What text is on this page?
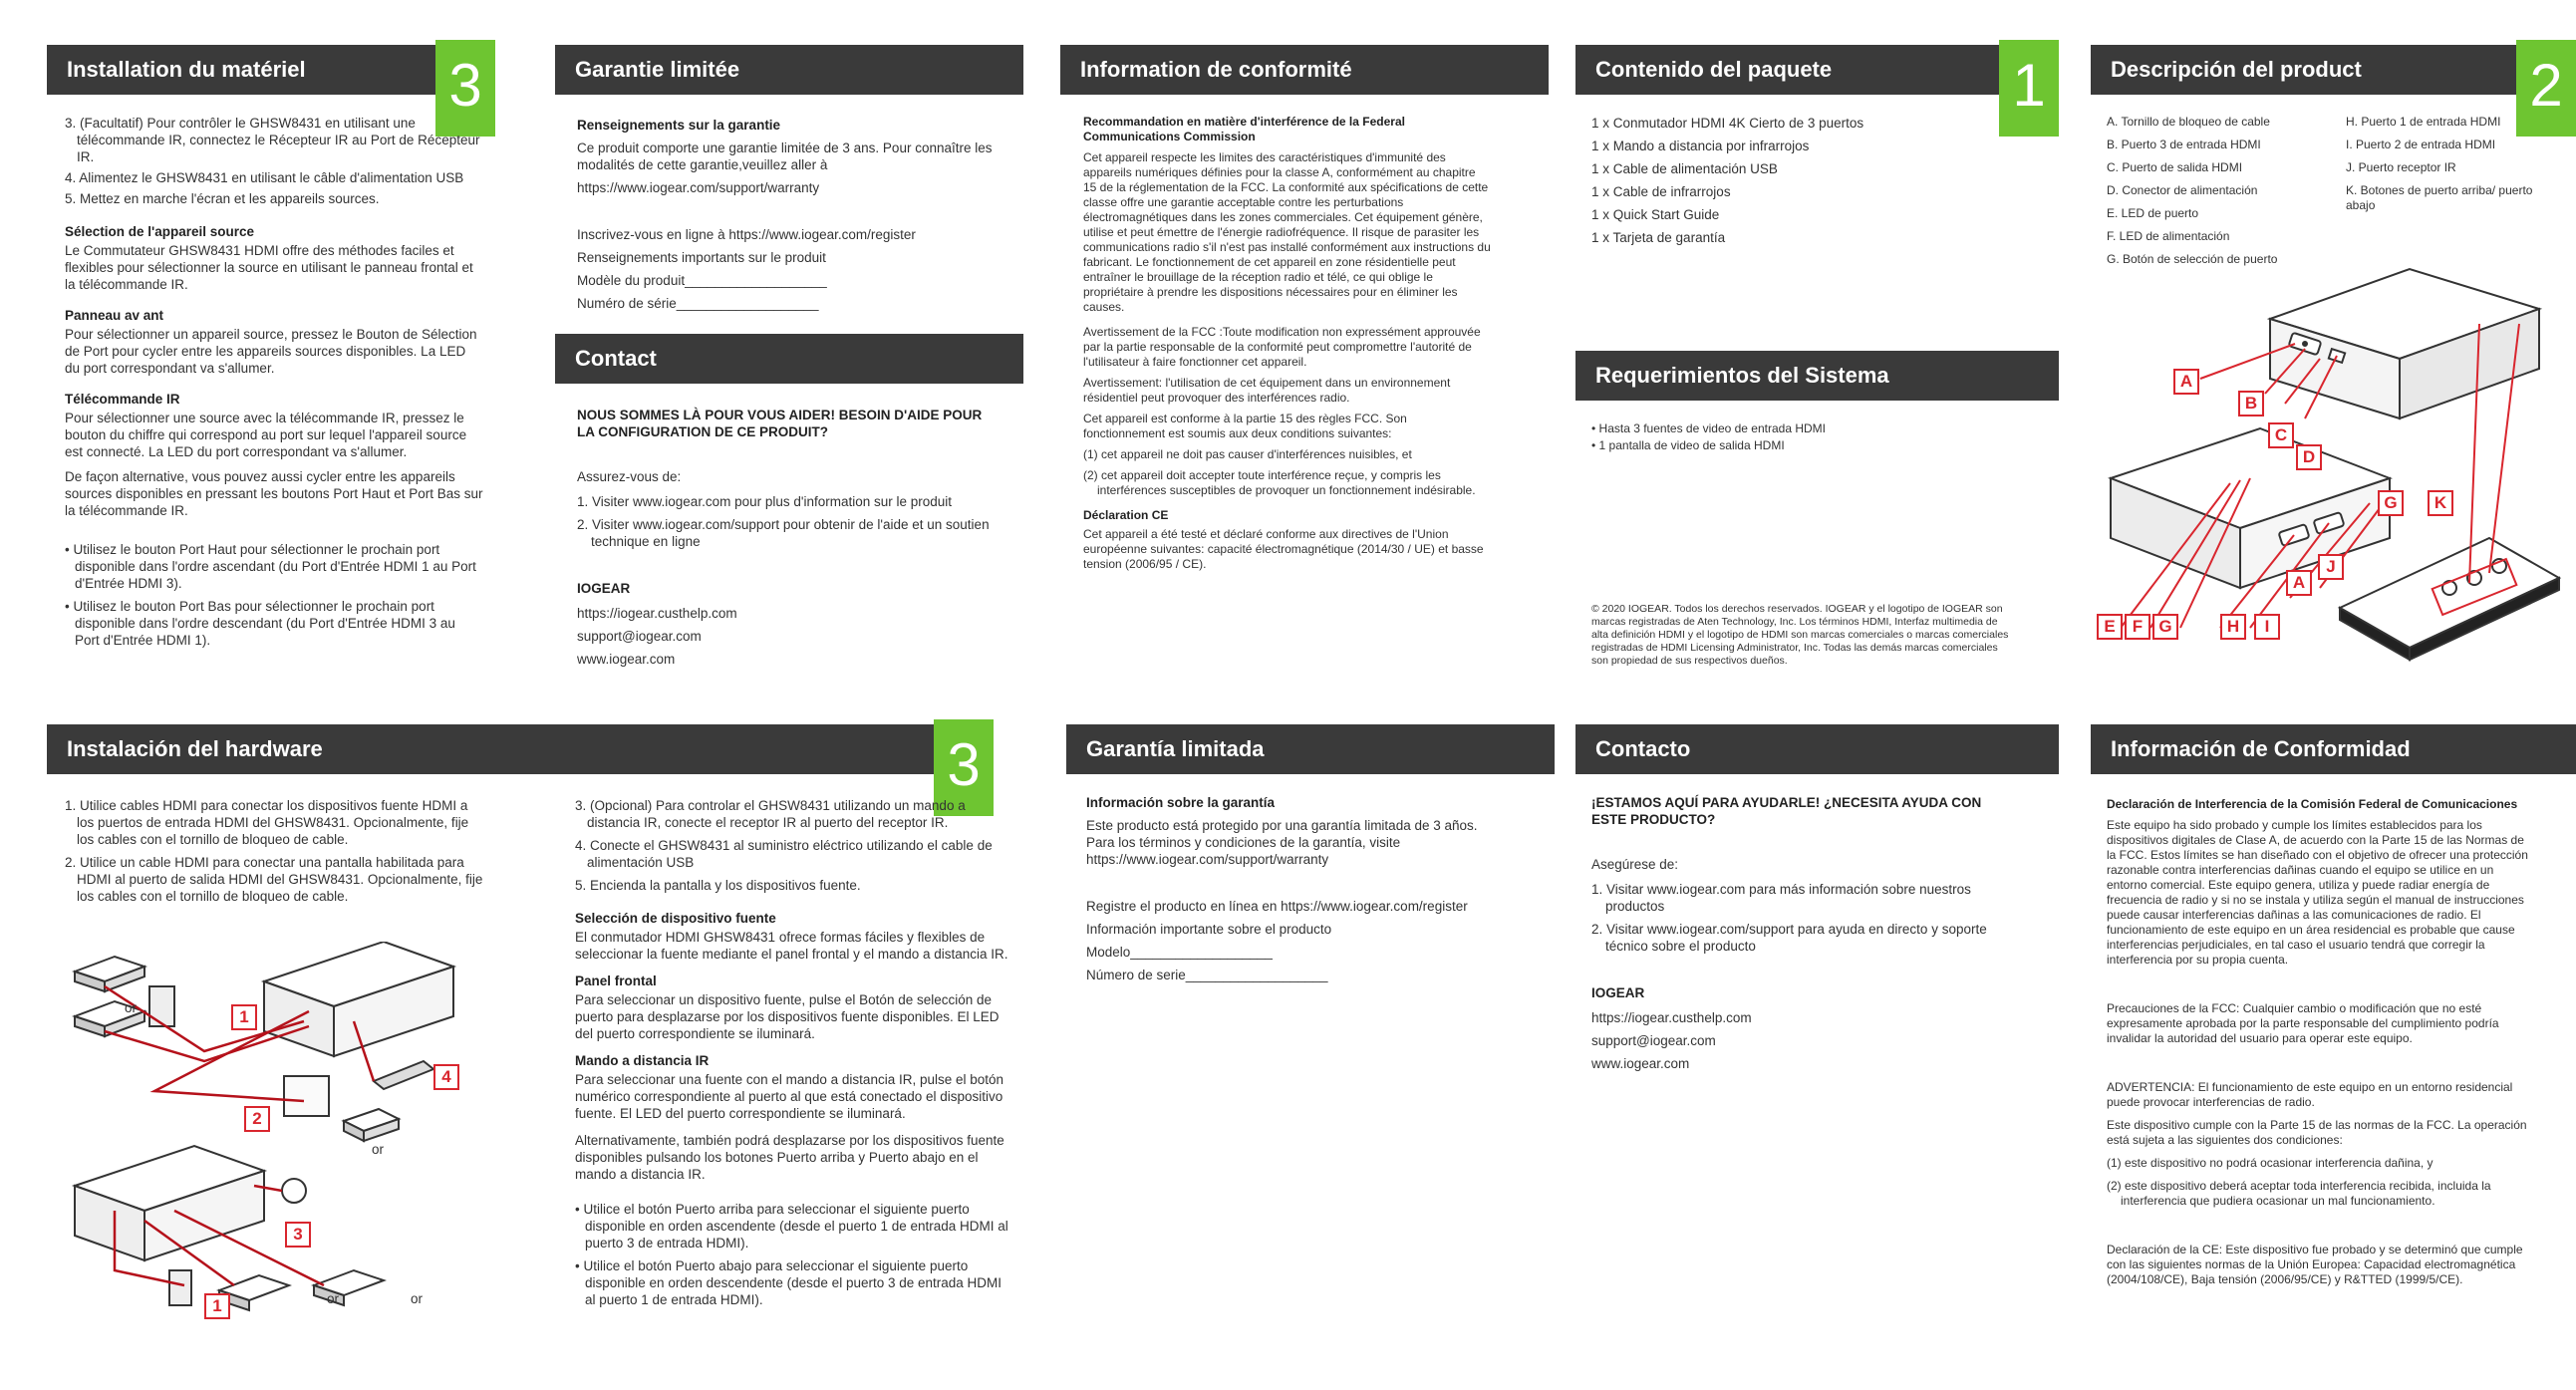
Installation du matériel 3

3. (Facultatif) Pour contrôler le GHSW8431 en utilisant une télécommande IR, connectez le Récepteur IR au Port de Récepteur IR.

4. Alimentez le GHSW8431 en utilisant le câble d'alimentation USB

5. Mettez en marche l'écran et les appareils sources.

Sélection de l'appareil source

Le Commutateur GHSW8431 HDMI offre des méthodes faciles et flexibles pour sélectionner la source en utilisant le panneau frontal et la télécommande IR.

Panneau av ant

Pour sélectionner un appareil source, pressez le Bouton de Sélection de Port pour cycler entre les appareils sources disponibles. La LED du port correspondant va s'allumer.

Télécommande IR

Pour sélectionner une source avec la télécommande IR, pressez le bouton du chiffre qui correspond au port sur lequel l'appareil source est connecté. La LED du port correspondant va s'allumer.

De façon alternative, vous pouvez aussi cycler entre les appareils sources disponibles en pressant les boutons Port Haut et Port Bas sur la télécommande IR.

• Utilisez le bouton Port Haut pour sélectionner le prochain port disponible dans l'ordre ascendant (du Port d'Entrée HDMI 1 au Port d'Entrée HDMI 3).

• Utilisez le bouton Port Bas pour sélectionner le prochain port disponible dans l'ordre descendant (du Port d'Entrée HDMI 3 au Port d'Entrée HDMI 1).

Garantie limitée
Renseignements sur la garantie

Ce produit comporte une garantie limitée de 3 ans. Pour connaître les modalités de cette garantie,veuillez aller à

https://www.iogear.com/support/warranty

Inscrivez-vous en ligne à https://www.iogear.com/register

Renseignements importants sur le produit

Modèle du produit___________________

Numéro de série___________________

Contact
NOUS SOMMES LÀ POUR VOUS AIDER! BESOIN D'AIDE POUR LA CONFIGURATION DE CE PRODUIT?

Assurez-vous de:

1. Visiter www.iogear.com pour plus d'information sur le produit

2. Visiter www.iogear.com/support pour obtenir de l'aide et un soutien technique en ligne

IOGEAR

https://iogear.custhelp.com

support@iogear.com

www.iogear.com

Information de conformité
Recommandation en matière d'interférence de la Federal Communications Commission

Cet appareil respecte les limites des caractéristiques d'immunité des appareils numériques définies pour la classe A, conformément au chapitre 15 de la réglementation de la FCC. La conformité aux spécifications de cette classe offre une garantie acceptable contre les perturbations électromagnétiques dans les zones commerciales. Cet équipement génère, utilise et peut émettre de l'énergie radiofréquence. Il risque de parasiter les communications radio s'il n'est pas installé conformément aux instructions du fabricant. Le fonctionnement de cet appareil en zone résidentielle peut entraîner le brouillage de la réception radio et télé, ce qui oblige le propriétaire à prendre les dispositions nécessaires pour en éliminer les causes.

Avertissement de la FCC :Toute modification non expressément approuvée par la partie responsable de la conformité peut compromettre l'autorité de l'utilisateur à faire fonctionner cet appareil.

Avertissement: l'utilisation de cet équipement dans un environnement résidentiel peut provoquer des interférences radio.

Cet appareil est conforme à la partie 15 des règles FCC. Son fonctionnement est soumis aux deux conditions suivantes:

(1) cet appareil ne doit pas causer d'interférences nuisibles, et

(2) cet appareil doit accepter toute interférence reçue, y compris les interférences susceptibles de provoquer un fonctionnement indésirable.

Déclaration CE

Cet appareil a été testé et déclaré conforme aux directives de l'Union européenne suivantes: capacité électromagnétique (2014/30 / UE) et basse tension (2006/95 / CE).

Contenido del paquete	1

1 x Conmutador HDMI 4K Cierto de 3 puertos

1 x Mando a distancia por infrarrojos

1 x Cable de alimentación USB

1 x Cable de infrarrojos

1 x Quick Start Guide

1 x Tarjeta de garantía

Requerimientos del Sistema

• Hasta 3 fuentes de video de entrada HDMI

• 1 pantalla de video de salida HDMI

© 2020 IOGEAR. Todos los derechos reservados. IOGEAR y el logotipo de IOGEAR son marcas registradas de Aten Technology, Inc. Los términos HDMI, Interfaz multimedia de alta definición HDMI y el logotipo de HDMI son marcas comerciales o marcas comerciales registradas de HDMI Licensing Administrator, Inc. Todas las demás marcas comerciales son propiedad de sus respectivos dueños.

Descripción del product	2

A. Tornillo de bloqueo de cable

B. Puerto 3 de entrada HDMI

C. Puerto de salida HDMI

D. Conector de alimentación

E. LED de puerto

F. LED de alimentación

G. Botón de selección de puerto

H. Puerto 1 de entrada HDMI

I. Puerto 2 de entrada HDMI

J. Puerto receptor IR

K. Botones de puerto arriba/ puerto abajo

A
B
C
D
G	K
J
A
E	F G	H	I
Instalación del hardware	3

1. Utilice cables HDMI para conectar los dispositivos fuente HDMI a los puertos de entrada HDMI del GHSW8431. Opcionalmente, fije los cables con el tornillo de bloqueo de cable.

2. Utilice un cable HDMI para conectar una pantalla habilitada para HDMI al puerto de salida HDMI del GHSW8431. Opcionalmente, fije los cables con el tornillo de bloqueo de cable.

or
or
or	or
1
2
3
4
1

3. (Opcional) Para controlar el GHSW8431 utilizando un mando a distancia IR, conecte el receptor IR al puerto del receptor IR.

4. Conecte el GHSW8431 al suministro eléctrico utilizando el cable de alimentación USB

5. Encienda la pantalla y los dispositivos fuente.

Selección de dispositivo fuente

El conmutador HDMI GHSW8431 ofrece formas fáciles y flexibles de seleccionar la fuente mediante el panel frontal y el mando a distancia IR.

Panel frontal

Para seleccionar un dispositivo fuente, pulse el Botón de selección de puerto para desplazarse por los dispositivos fuente disponibles. El LED del puerto correspondiente se iluminará.

Mando a distancia IR

Para seleccionar una fuente con el mando a distancia IR, pulse el botón numérico correspondiente al puerto al que está conectado el dispositivo fuente. El LED del puerto correspondiente se iluminará.

Alternativamente, también podrá desplazarse por los dispositivos fuente disponibles pulsando los botones Puerto arriba y Puerto abajo en el mando a distancia IR.

• Utilice el botón Puerto arriba para seleccionar el siguiente puerto disponible en orden ascendente (desde el puerto 1 de entrada HDMI al puerto 3 de entrada HDMI).

• Utilice el botón Puerto abajo para seleccionar el siguiente puerto disponible en orden descendente (desde el puerto 3 de entrada HDMI al puerto 1 de entrada HDMI).

Garantía limitada
Información sobre la garantía

Este producto está protegido por una garantía limitada de 3 años. Para los términos y condiciones de la garantía, visite https://www.iogear.com/support/warranty

Registre el producto en línea en https://www.iogear.com/register

Información importante sobre el producto

Modelo___________________

Número de serie___________________

Contacto
¡ESTAMOS AQUÍ PARA AYUDARLE! ¿NECESITA AYUDA CON ESTE PRODUCTO?

Asegúrese de:

1. Visitar www.iogear.com para más información sobre nuestros productos

2. Visitar www.iogear.com/support para ayuda en directo y soporte técnico sobre el producto

IOGEAR

https://iogear.custhelp.com

support@iogear.com

www.iogear.com

Información de Conformidad
Declaración de Interferencia de la Comisión Federal de Comunicaciones

Este equipo ha sido probado y cumple los límites establecidos para los dispositivos digitales de Clase A, de acuerdo con la Parte 15 de las Normas de la FCC. Estos límites se han diseñado con el objetivo de ofrecer una protección razonable contra interferencias dañinas cuando el equipo se utilice en un entorno comercial. Este equipo genera, utiliza y puede radiar energía de frecuencia de radio y si no se instala y utiliza según el manual de instrucciones puede causar interferencias dañinas a las comunicaciones de radio. El funcionamiento de este equipo en un área residencial es probable que cause interferencias perjudiciales, en tal caso el usuario tendrá que corregir la interferencia por su propia cuenta.

Precauciones de la FCC: Cualquier cambio o modificación que no esté expresamente aprobada por la parte responsable del cumplimiento podría invalidar la autoridad del usuario para operar este equipo.

ADVERTENCIA: El funcionamiento de este equipo en un entorno residencial puede provocar interferencias de radio.

Este dispositivo cumple con la Parte 15 de las normas de la FCC. La operación está sujeta a las siguientes dos condiciones:

(1) este dispositivo no podrá ocasionar interferencia dañina, y

(2) este dispositivo deberá aceptar toda interferencia recibida, incluida la interferencia que pudiera ocasionar un mal funcionamiento.

Declaración de la CE: Este dispositivo fue probado y se determinó que cumple con las siguientes normas de la Unión Europea: Capacidad electromagnética (2004/108/CE), Baja tensión (2006/95/CE) y R&TTED (1999/5/CE).
